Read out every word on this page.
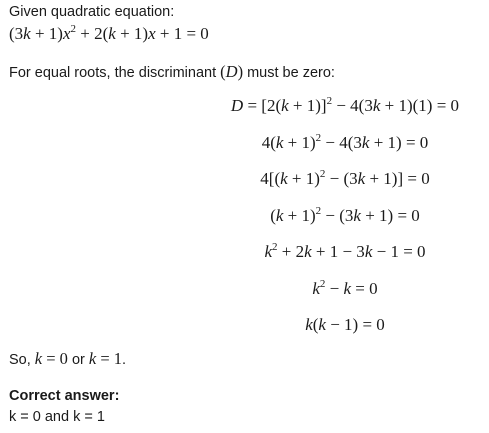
Given quadratic equation:
$(3k + 1)x^2 + 2(k + 1)x + 1 = 0$
For equal roots, the discriminant (D) must be zero:
$D = [2(k + 1)]^2 - 4(3k + 1)(1) = 0$
$4(k + 1)^2 - 4(3k + 1) = 0$
$4[(k + 1)^2 - (3k + 1)] = 0$
$(k + 1)^2 - (3k + 1) = 0$
$k^2 + 2k + 1 - 3k - 1 = 0$
$k^2 - k = 0$
k(k − 1) = 0
So, k = 0 or k = 1.
Correct answer:
k = 0 and k = 1
